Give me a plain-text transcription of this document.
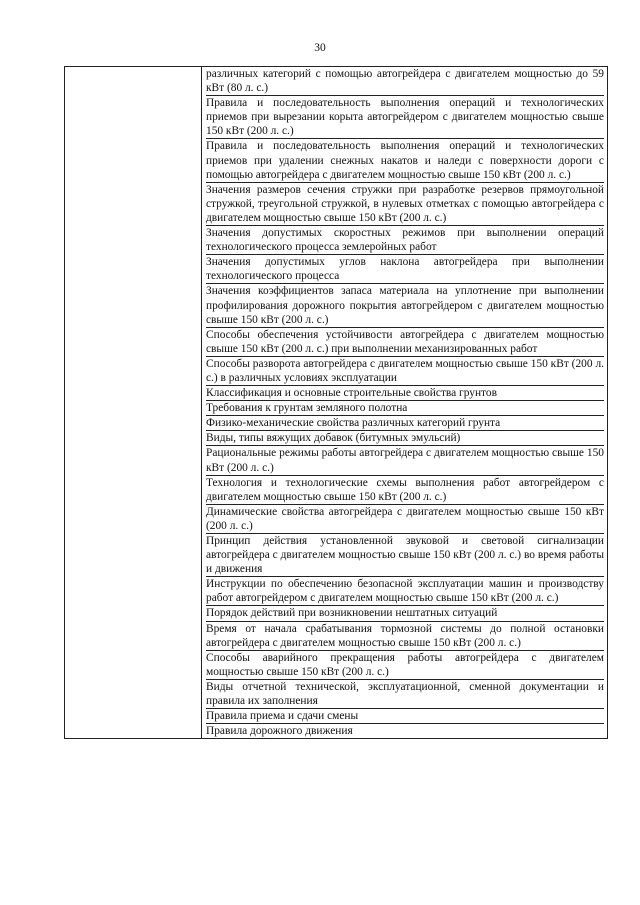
30

различных категорий с помощью автогрейдера с двигателем мощностью до 59 кВт (80 л. с.)
Правила и последовательность выполнения операций и технологических приемов при вырезании корыта автогрейдером с двигателем мощностью свыше 150 кВт (200 л. с.)
Правила и последовательность выполнения операций и технологических приемов при удалении снежных накатов и наледи с поверхности дороги с помощью автогрейдера с двигателем мощностью свыше 150 кВт (200 л. с.)
Значения размеров сечения стружки при разработке резервов прямоугольной стружкой, треугольной стружкой, в нулевых отметках с помощью автогрейдера с двигателем мощностью свыше 150 кВт (200 л. с.)
Значения допустимых скоростных режимов при выполнении операций технологического процесса землеройных работ
Значения допустимых углов наклона автогрейдера при выполнении технологического процесса
Значения коэффициентов запаса материала на уплотнение при выполнении профилирования дорожного покрытия автогрейдером с двигателем мощностью свыше 150 кВт (200 л. с.)
Способы обеспечения устойчивости автогрейдера с двигателем мощностью свыше 150 кВт (200 л. с.) при выполнении механизированных работ
Способы разворота автогрейдера с двигателем мощностью свыше 150 кВт (200 л. с.) в различных условиях эксплуатации
Классификация и основные строительные свойства грунтов
Требования к грунтам земляного полотна
Физико-механические свойства различных категорий грунта
Виды, типы вяжущих добавок (битумных эмульсий)
Рациональные режимы работы автогрейдера с двигателем мощностью свыше 150 кВт (200 л. с.)
Технология и технологические схемы выполнения работ автогрейдером с двигателем мощностью свыше 150 кВт (200 л. с.)
Динамические свойства автогрейдера с двигателем мощностью свыше 150 кВт (200 л. с.)
Принцип действия установленной звуковой и световой сигнализации автогрейдера с двигателем мощностью свыше 150 кВт (200 л. с.) во время работы и движения
Инструкции по обеспечению безопасной эксплуатации машин и производству работ автогрейдером с двигателем мощностью свыше 150 кВт (200 л. с.)
Порядок действий при возникновении нештатных ситуаций
Время от начала срабатывания тормозной системы до полной остановки автогрейдера с двигателем мощностью свыше 150 кВт (200 л. с.)
Способы аварийного прекращения работы автогрейдера с двигателем мощностью свыше 150 кВт (200 л. с.)
Виды отчетной технической, эксплуатационной, сменной документации и правила их заполнения
Правила приема и сдачи смены
Правила дорожного движения
